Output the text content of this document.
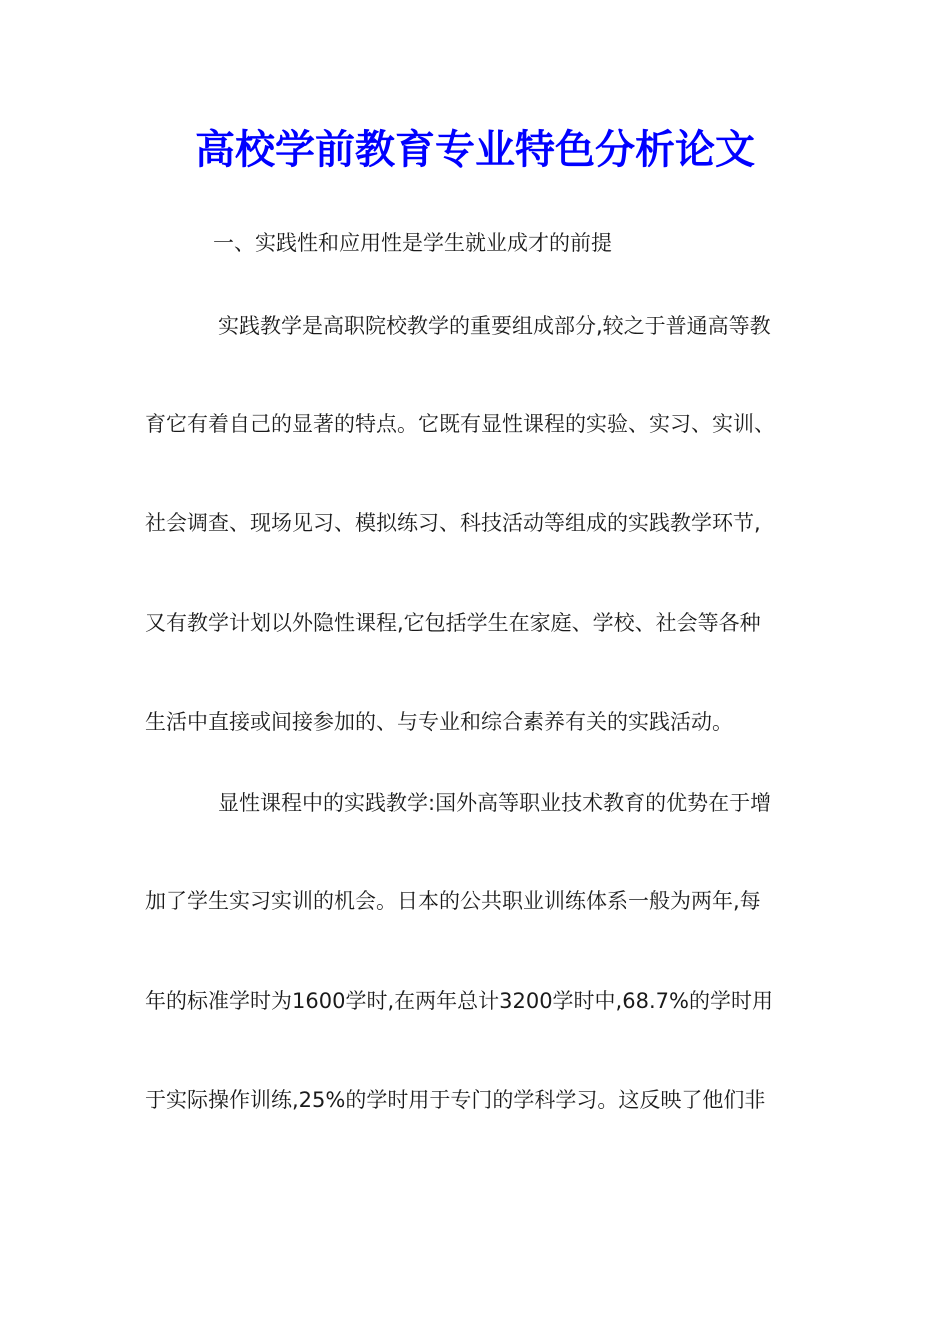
高校学前教育专业特色分析论文
一、实践性和应用性是学生就业成才的前提
实践教学是高职院校教学的重要组成部分,较之于普通高等教
育它有着自己的显著的特点。它既有显性课程的实验、实习、实训、
社会调查、现场见习、模拟练习、科技活动等组成的实践教学环节,
又有教学计划以外隐性课程,它包括学生在家庭、学校、社会等各种
生活中直接或间接参加的、与专业和综合素养有关的实践活动。
显性课程中的实践教学:国外高等职业技术教育的优势在于增
加了学生实习实训的机会。日本的公共职业训练体系一般为两年,每
年的标准学时为1600学时,在两年总计3200学时中,68.7%的学时用
于实际操作训练,25%的学时用于专门的学科学习。这反映了他们非
